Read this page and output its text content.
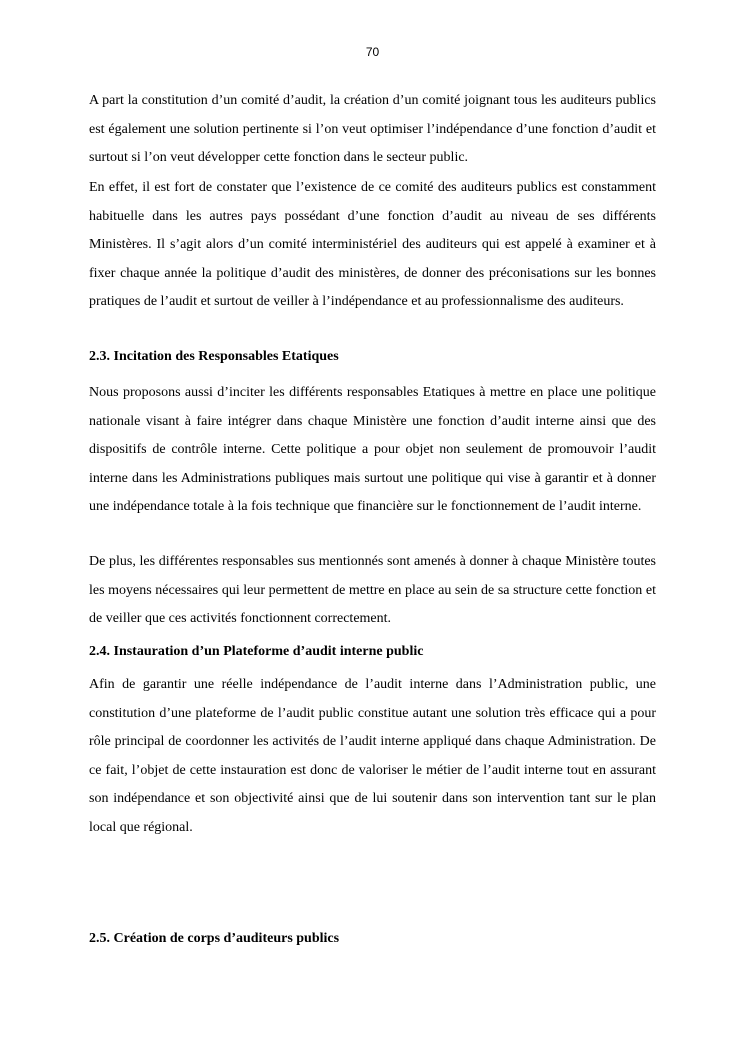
70

A part la constitution d’un comité d’audit, la création d’un comité joignant tous les auditeurs publics est également une solution pertinente si l’on veut optimiser l’indépendance d’une fonction d’audit et surtout si l’on veut développer cette fonction dans le secteur public.

En effet, il est fort de constater que l’existence de ce comité des auditeurs publics est constamment habituelle dans les autres pays possédant d’une fonction d’audit au niveau de ses différents Ministères. Il s’agit alors d’un comité interministériel des auditeurs qui est appelé à examiner et à fixer chaque année la politique d’audit des ministères, de donner des préconisations sur les bonnes pratiques de l’audit et surtout de veiller à l’indépendance et au professionnalisme des auditeurs.

2.3. Incitation des Responsables Etatiques

Nous proposons aussi d’inciter les différents responsables Etatiques à mettre en place une politique nationale visant à faire intégrer dans chaque Ministère une fonction d’audit interne ainsi que des dispositifs de contrôle interne. Cette politique a pour objet non seulement de promouvoir l’audit interne dans les Administrations publiques mais surtout une politique qui vise à garantir et à donner une indépendance totale à la fois technique que financière sur le fonctionnement de l’audit interne.

De plus, les différentes responsables sus mentionnés sont amenés à donner à chaque Ministère toutes les moyens nécessaires qui leur permettent de mettre en place au sein de sa structure cette fonction et de veiller que ces activités fonctionnent correctement.

2.4. Instauration d’un Plateforme d’audit interne public

Afin de garantir une réelle indépendance de l’audit interne dans l’Administration public, une constitution d’une plateforme de l’audit public constitue autant une solution très efficace qui a pour rôle principal de coordonner les activités de l’audit interne appliqué dans chaque Administration. De ce fait, l’objet de cette instauration est donc de valoriser le métier de l’audit interne tout en assurant son indépendance et son objectivité ainsi que de lui soutenir dans son intervention tant sur le plan local que régional.

2.5. Création de corps d’auditeurs publics
